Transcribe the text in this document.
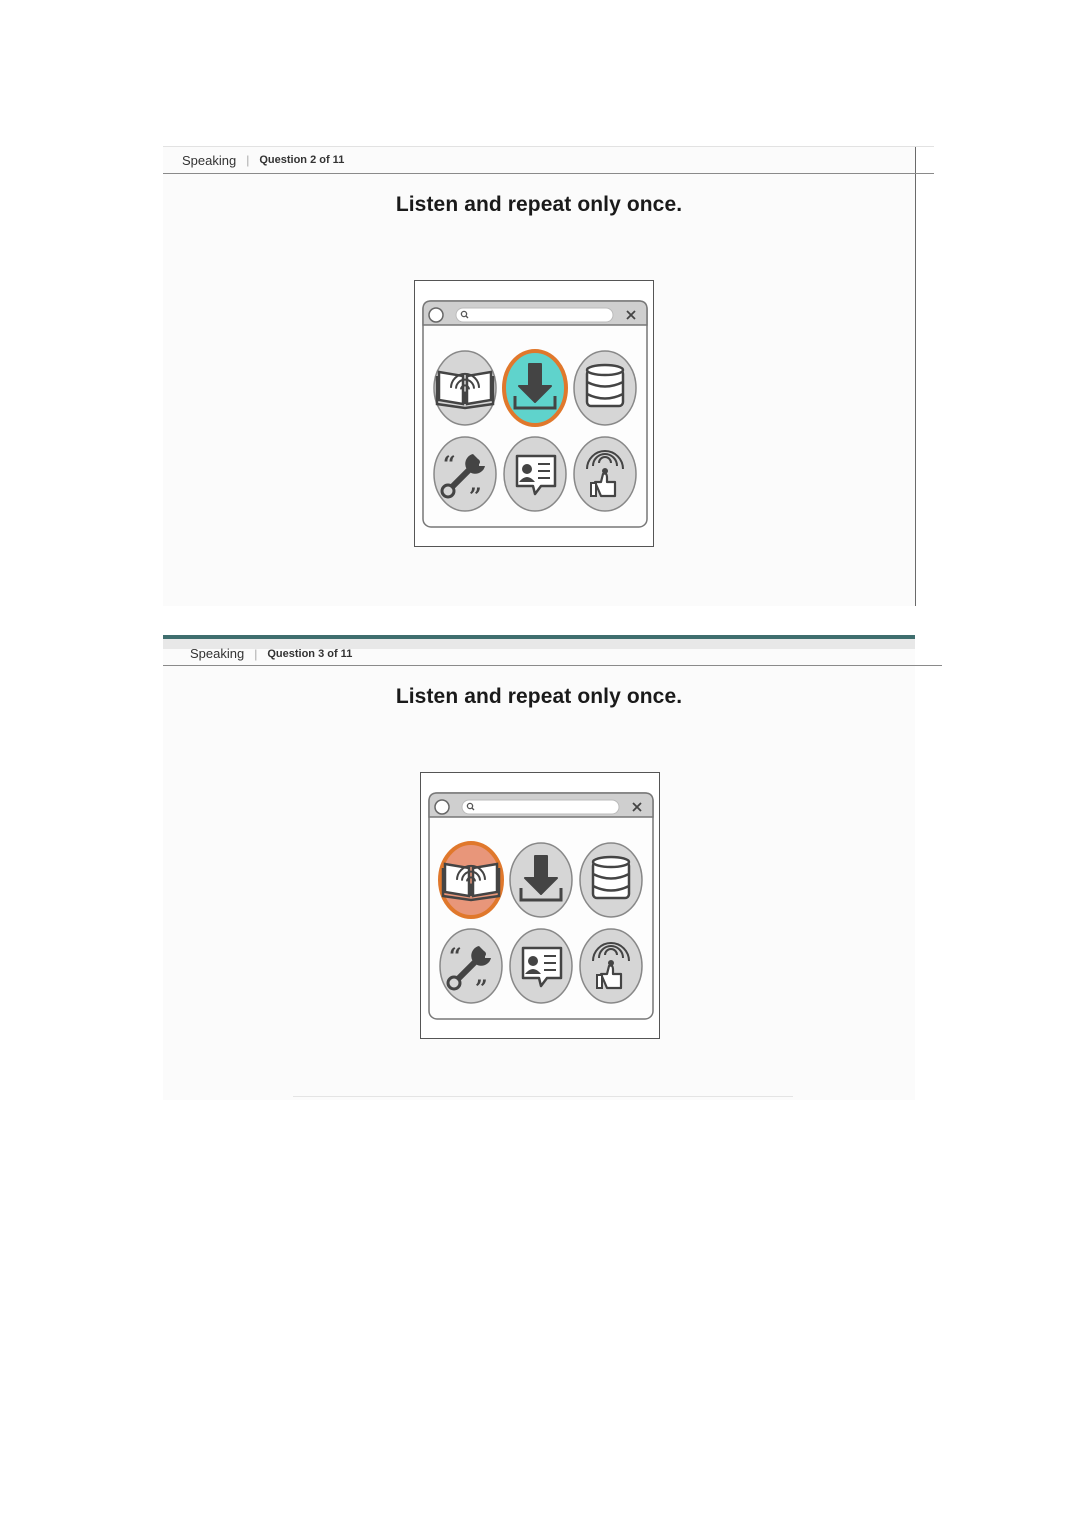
Speaking | Question 2 of 11
Listen and repeat only once.
“
”
Speaking | Question 3 of 11
Listen and repeat only once.
“
”
